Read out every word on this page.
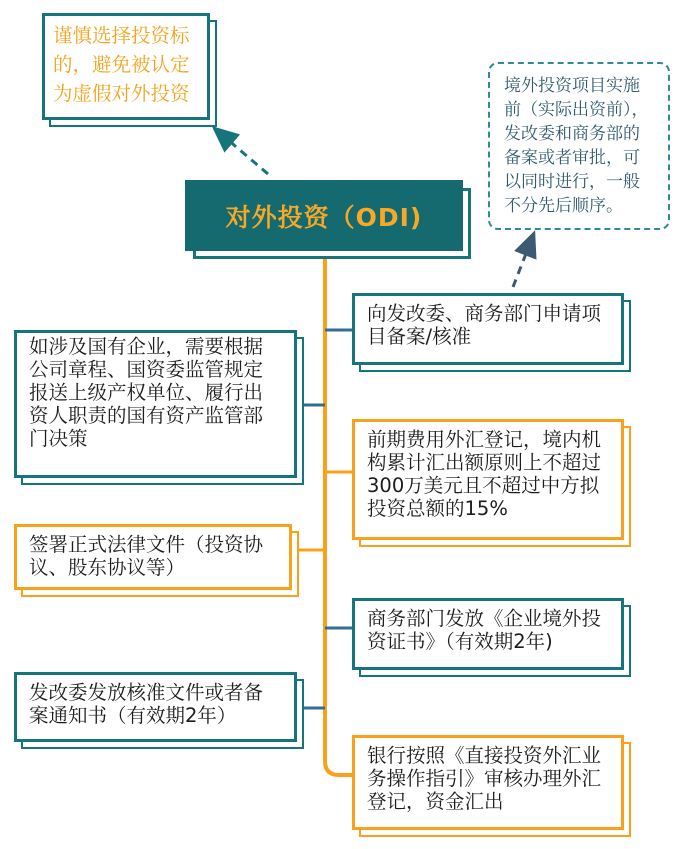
谨慎选择投资标的，避免被认定为虚假对外投资
对外投资（ODI)
境外投资项目实施前（实际出资前），发改委和商务部的备案或者审批，可以同时进行，一般不分先后顺序。
如涉及国有企业，需要根据公司章程、国资委监管规定报送上级产权单位、履行出资人职责的国有资产监管部门决策
签署正式法律文件（投资协议、股东协议等）
发改委发放核准文件或者备案通知书（有效期2年）
向发改委、商务部门申请项目备案/核准
前期费用外汇登记，境内机构累计汇出额原则上不超过300万美元且不超过中方拟投资总额的15%
商务部门发放《企业境外投资证书》（有效期2年)
银行按照《直接投资外汇业务操作指引》审核办理外汇登记，资金汇出
